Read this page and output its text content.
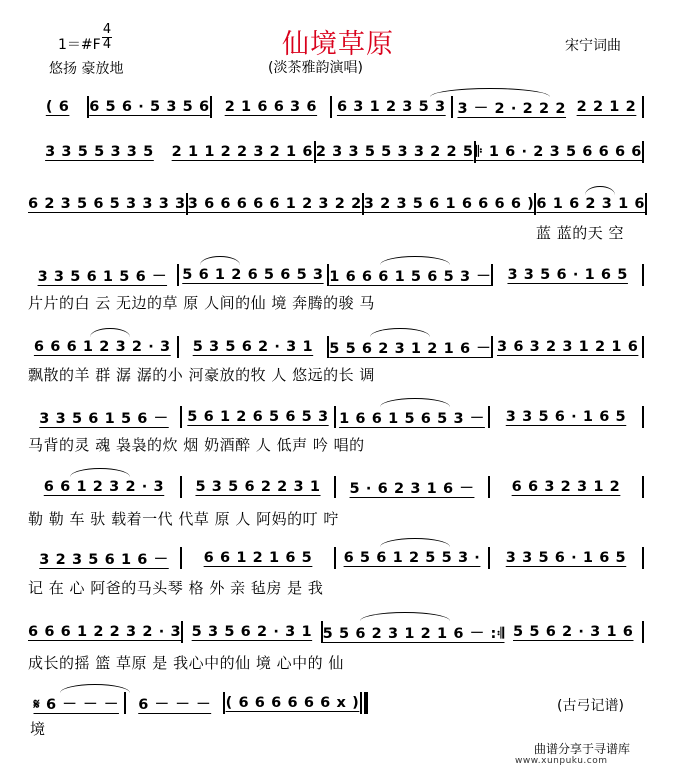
仙境草原
1＝#F
4
4
悠扬 豪放地
宋宁词曲
(淡茶雅韵演唱)
( 6	6 5 6 · 5 3 5 6	2 1 6 6 3 6	6 3 1 2 3 5 3 3 － 2 · 2 2 2 2 2 1 2
3 3 5 5 3 3 5	2 1 1 2 2 3 2 1 6 2 3 3 5 5 3 3 2 2 5 𝄆 1 6 · 2 3 5 6 6 6 6
6 2 3 5 6 5 3 3 3 3 3 6 6 6 6 6 1 2 3 2 2 3 2 3 5 6 1 6 6 6 6 ) 6 1 6 2 3 1 6
蓝 蓝的天 空
3 3 5 6 1 5 6 －	5 6 1 2 6 5 6 5 3 1 6 6 6 1 5 6 5 3 －	3 3 5 6 · 1 6 5
片片的白 云 无边的草 原 人间的仙 境 奔腾的骏 马
6 6 6 1 2 3 2 · 3	5 3 5 6 2 · 3 1	5 5 6 2 3 1 2 1 6 － 3 6 3 2 3 1 2 1 6
飘散的羊 群 潺 潺的小 河豪放的牧 人 悠远的长 调
3 3 5 6 1 5 6 －	5 6 1 2 6 5 6 5 3 1 6 6 1 5 6 5 3 －	3 3 5 6 · 1 6 5
马背的灵 魂 袅袅的炊 烟 奶酒醉 人 低声 吟 唱的
6 6 1 2 3 2 · 3	5 3 5 6 2 2 3 1	5 · 6 2 3 1 6 －	6 6 3 2 3 1 2
勒 勒 车 驮 载着一代 代草 原 人 阿妈的叮 咛
3 2 3 5 6 1 6 －	6 6 1 2 1 6 5	6 5 6 1 2 5 5 3 ·	3 3 5 6 · 1 6 5
记 在 心 阿爸的马头琴 格 外 亲 毡房 是 我
6 6 6 1 2 2 3 2 · 3 5 3 5 6 2 · 3 1 5 5 6 2 3 1 2 1 6 － :𝄇 5 5 6 2 · 3 1 6
成长的摇 篮 草原 是 我心中的仙 境 心中的 仙
𝄋 6 － － －	6 － － － ( 6 6 6 6 6 6 x )
境
(古弓记谱)
曲谱分享于寻谱库
www.xunpuku.com
